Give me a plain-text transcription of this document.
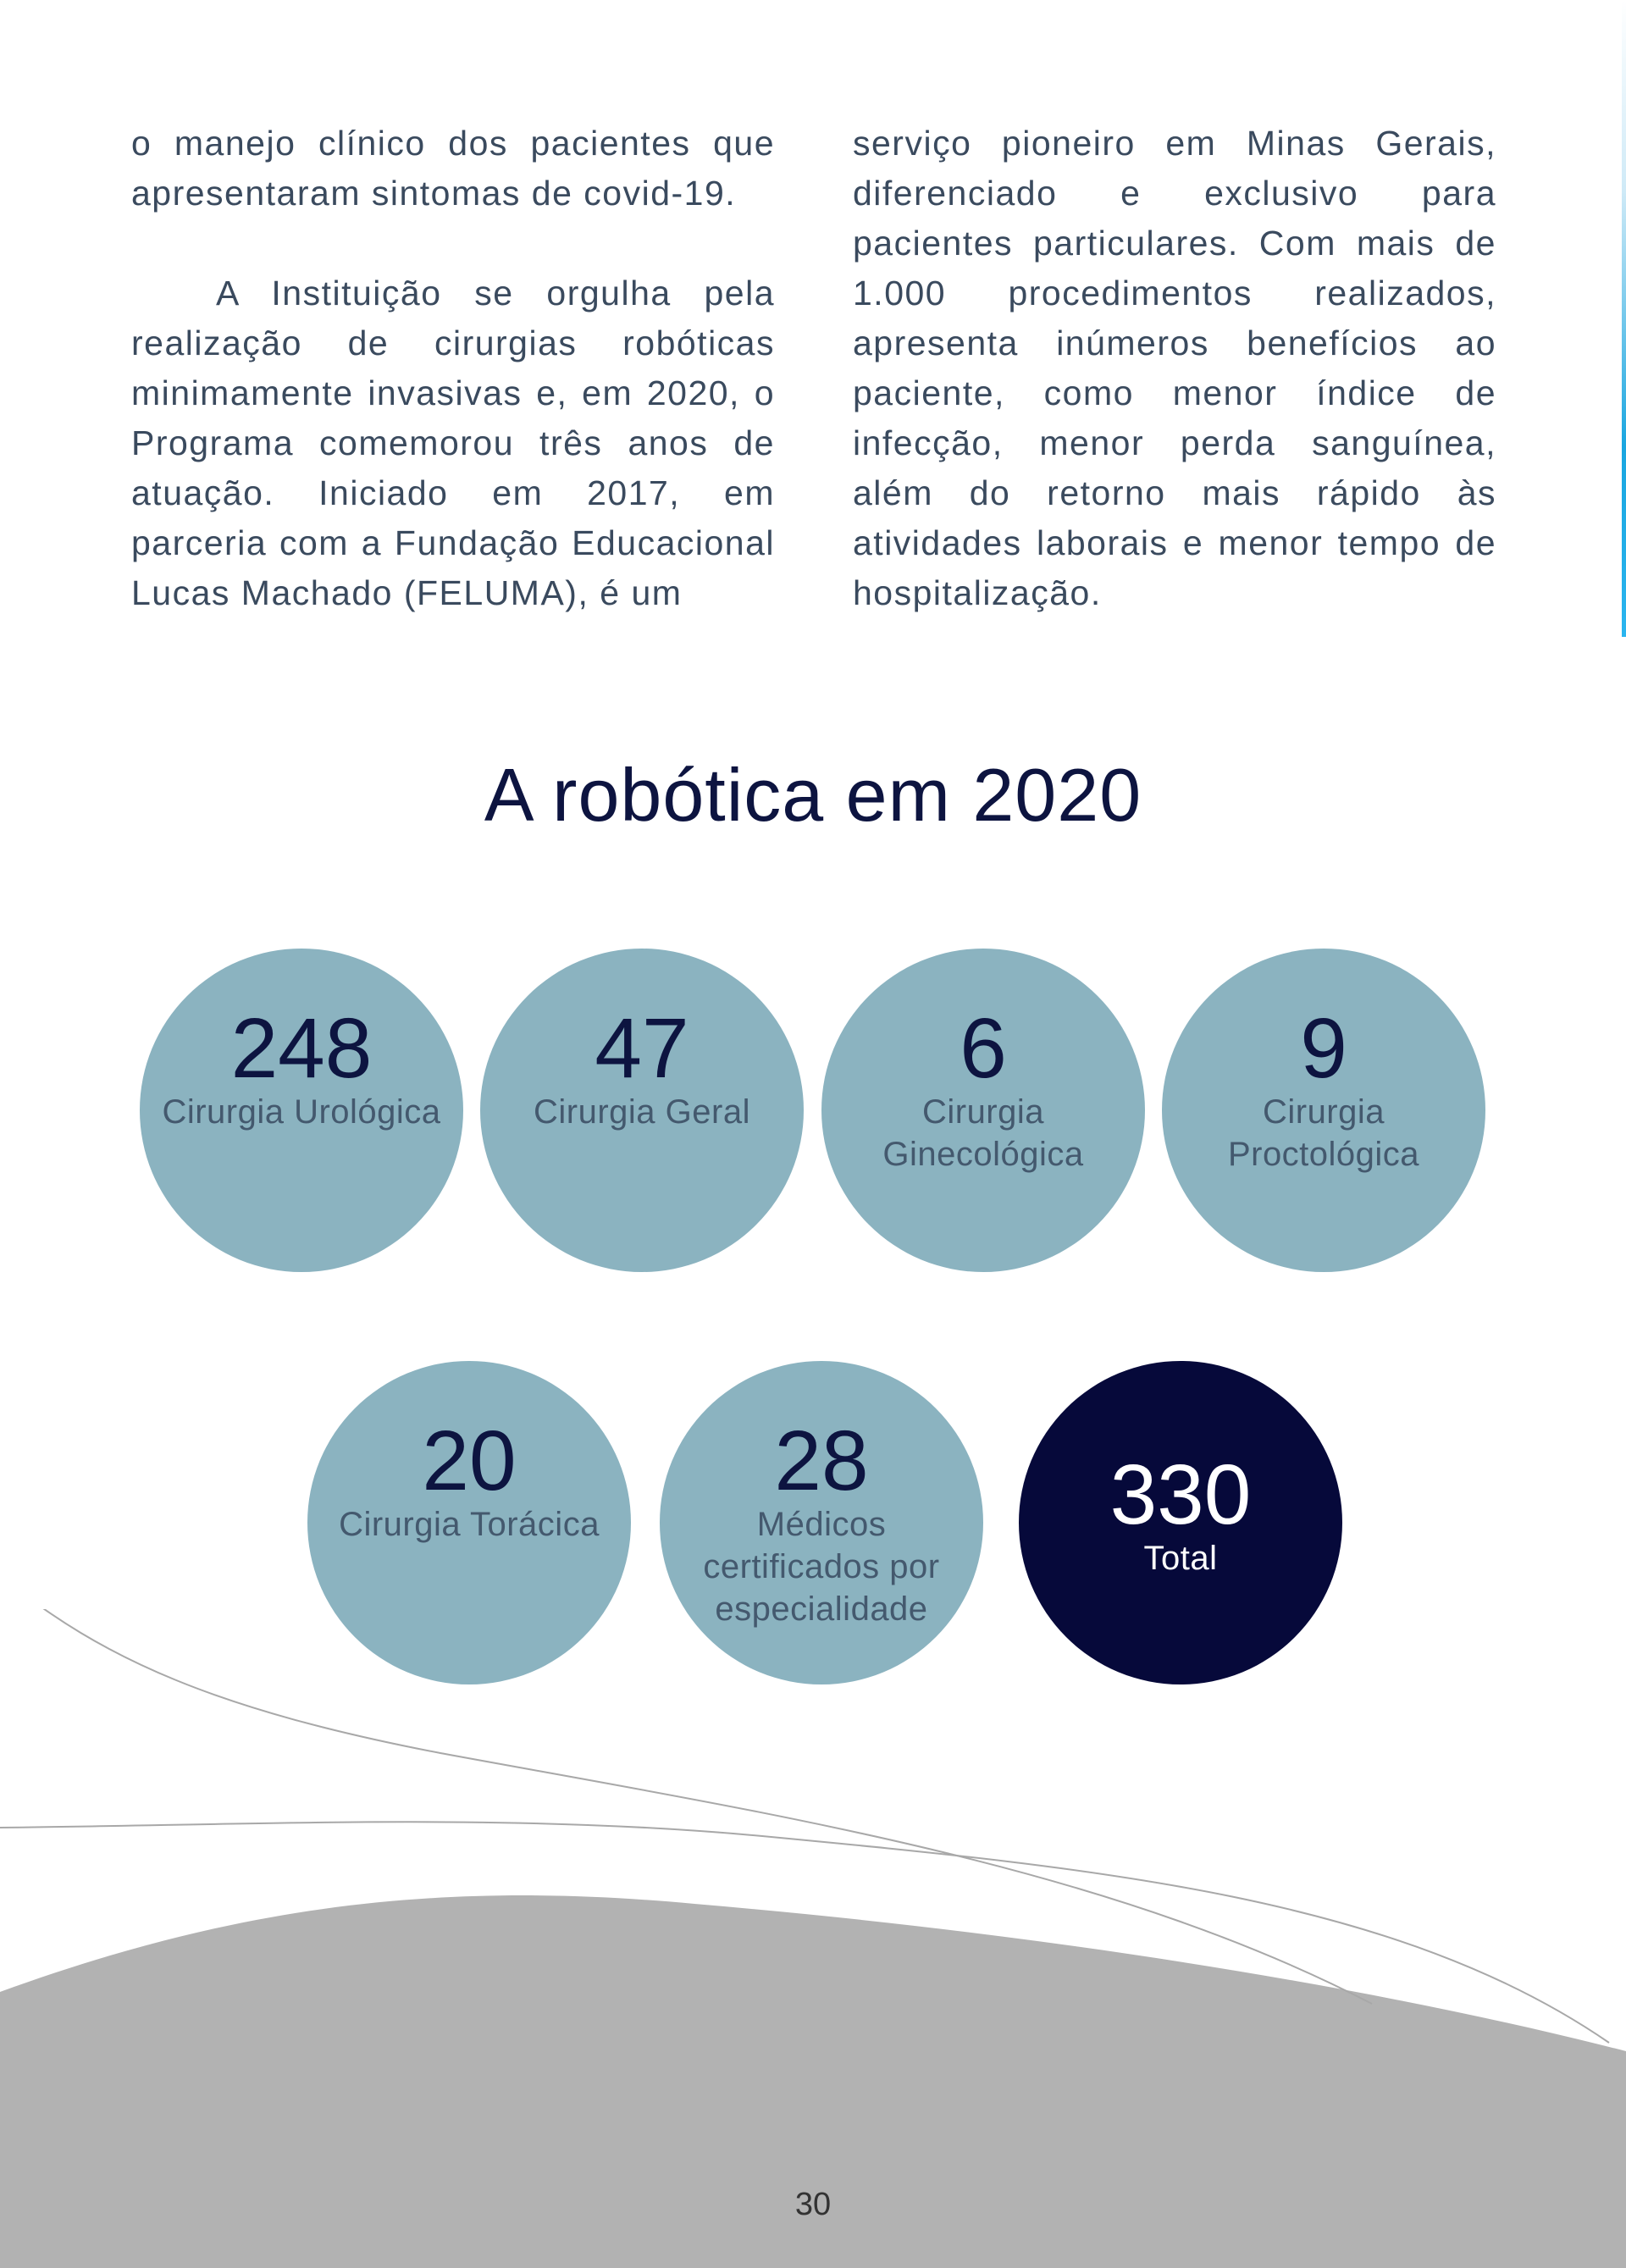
o manejo clínico dos pacientes que apresentaram sintomas de covid-19.

A Instituição se orgulha pela realização de cirurgias robóticas minimamente invasivas e, em 2020, o Programa comemorou três anos de atuação. Iniciado em 2017, em parceria com a Fundação Educacional Lucas Machado (FELUMA), é um

serviço pioneiro em Minas Gerais, diferenciado e exclusivo para pacientes particulares. Com mais de 1.000 procedimentos realizados, apresenta inúmeros benefícios ao paciente, como menor índice de infecção, menor perda sanguínea, além do retorno mais rápido às atividades laborais e menor tempo de hospitalização.

A robótica em 2020
248
Cirurgia Urológica
47
Cirurgia Geral
6
Cirurgia Ginecológica
9
Cirurgia Proctológica
20
Cirurgia Torácica
28
Médicos certificados por especialidade
330
Total
30
